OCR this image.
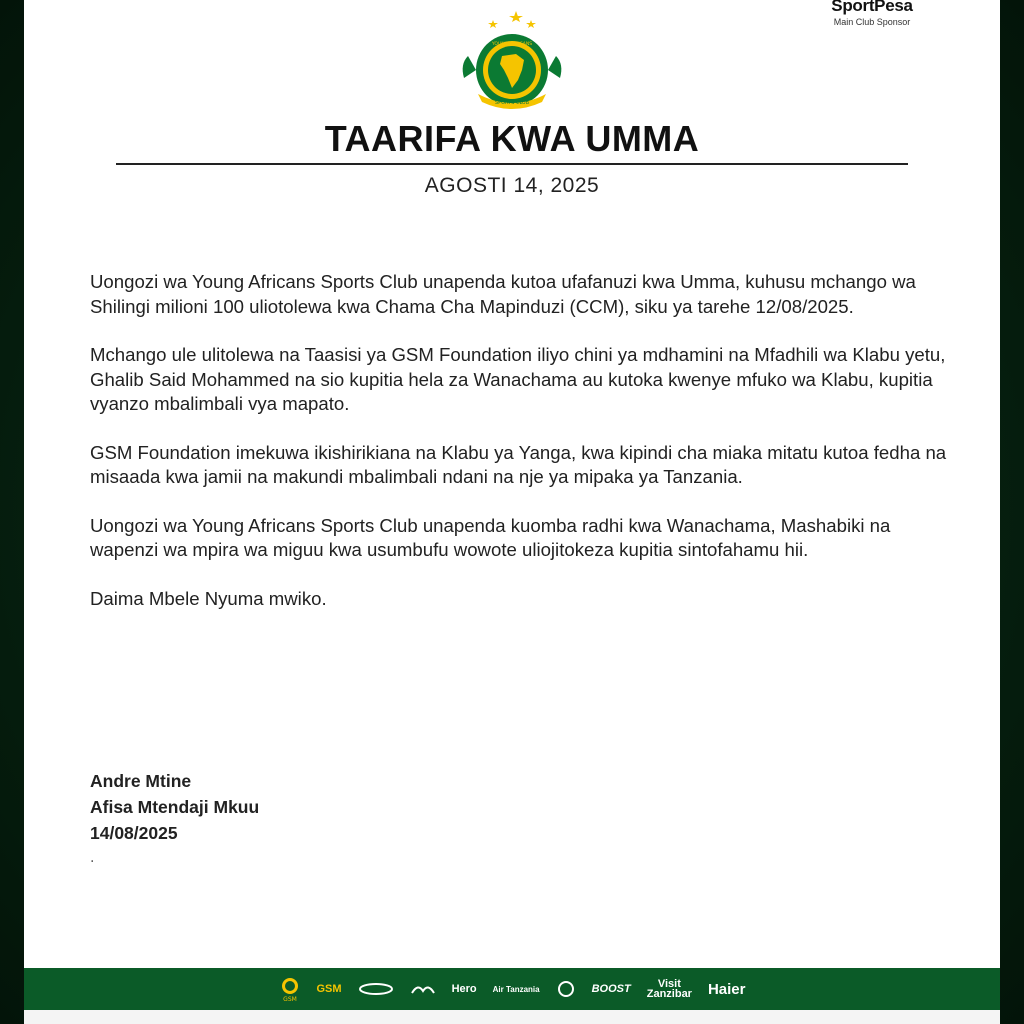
SportPesa
Main Club Sponsor
SPORTS CLUB
YOUNG AFRICANS
TAARIFA KWA UMMA
AGOSTI 14, 2025

Uongozi wa Young Africans Sports Club unapenda kutoa ufafanuzi kwa Umma, kuhusu mchango wa Shilingi milioni 100 uliotolewa kwa Chama Cha Mapinduzi (CCM), siku ya tarehe 12/08/2025.

Mchango ule ulitolewa na Taasisi ya GSM Foundation iliyo chini ya mdhamini na Mfadhili wa Klabu yetu, Ghalib Said Mohammed na sio kupitia hela za Wanachama au kutoka kwenye mfuko wa Klabu, kupitia vyanzo mbalimbali vya mapato.

GSM Foundation imekuwa ikishirikiana na Klabu ya Yanga, kwa kipindi cha miaka mitatu kutoa fedha na misaada kwa jamii na makundi mbalimbali ndani na nje ya mipaka ya Tanzania.

Uongozi wa Young Africans Sports Club unapenda kuomba radhi kwa Wanachama, Mashabiki na wapenzi wa mpira wa miguu kwa usumbufu wowote uliojitokeza kupitia sintofahamu hii.

Daima Mbele Nyuma mwiko.

Andre Mtine
Afisa Mtendaji Mkuu
14/08/2025
.
GSM
GSM	Hero Air Tanzania	BOOST	Visit
Zanzibar Haier
